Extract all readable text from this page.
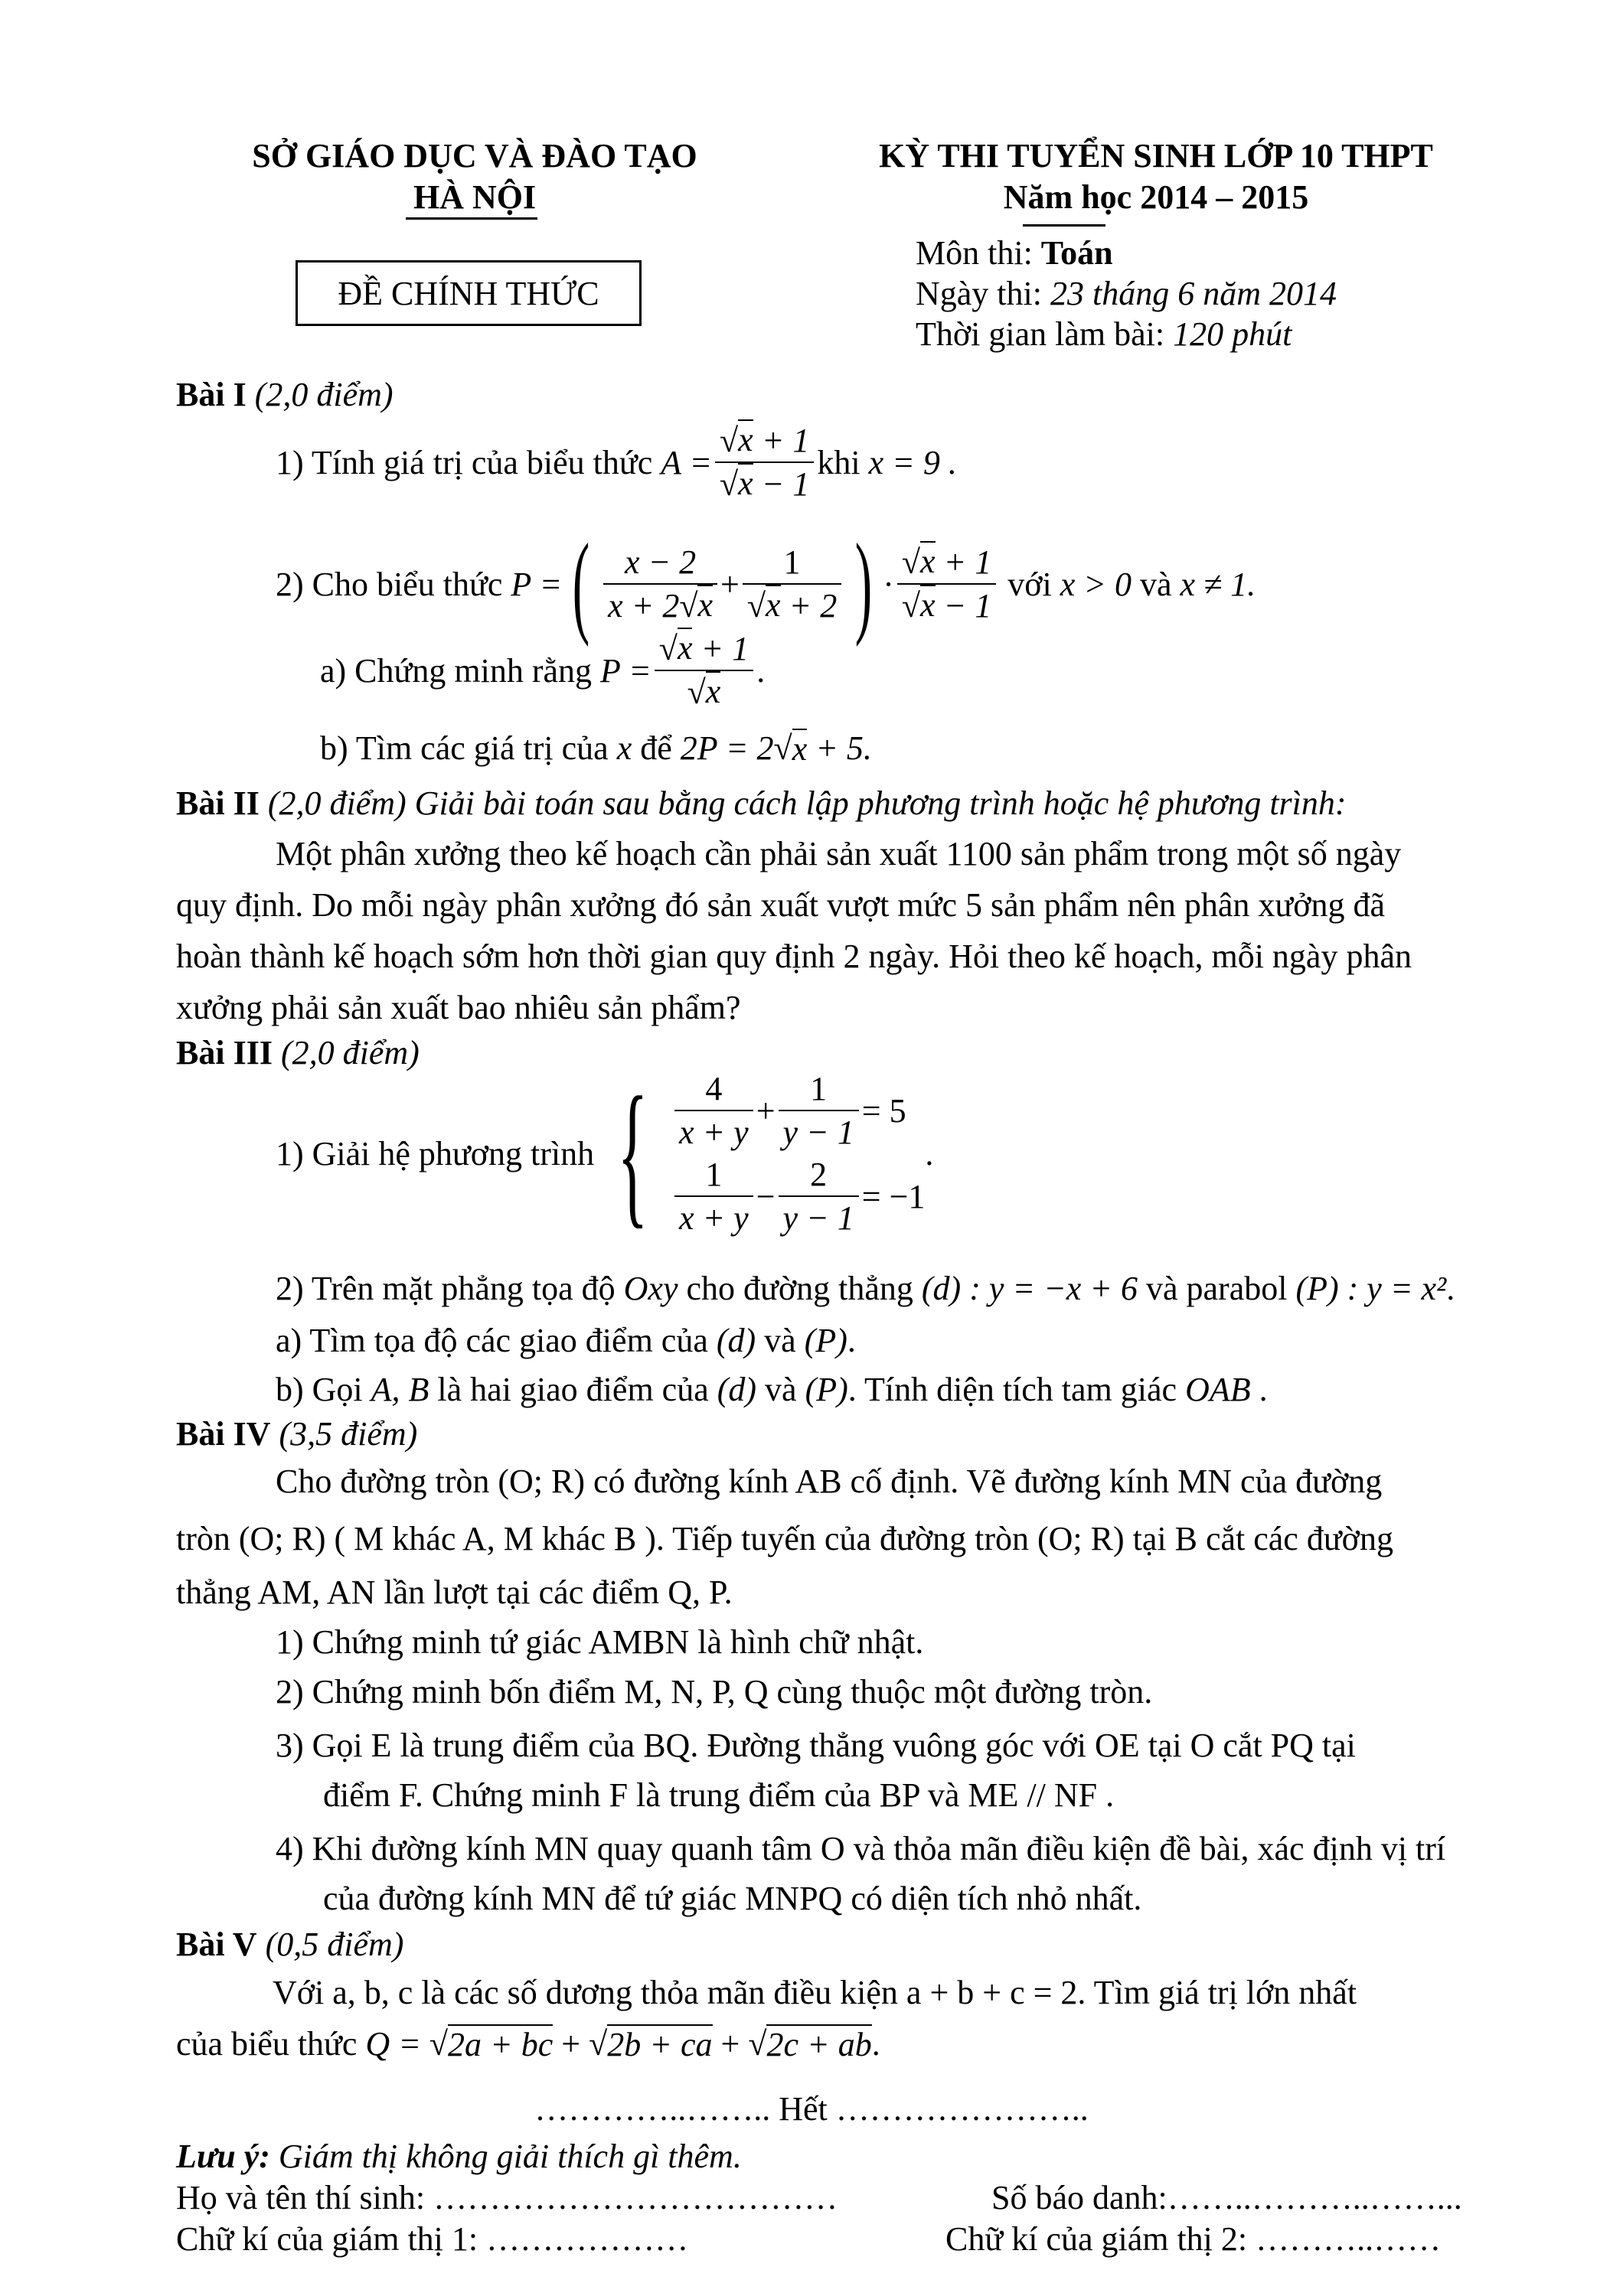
SỞ GIÁO DỤC VÀ ĐÀO TẠO
HÀ NỘI
ĐỀ CHÍNH THỨC
KỲ THI TUYỂN SINH LỚP 10 THPT
Năm học 2014 – 2015
Môn thi: Toán
Ngày thi: 23 tháng 6 năm 2014
Thời gian làm bài: 120 phút
Bài I (2,0 điểm)
1) Tính giá trị của biểu thức
$A = \frac{√ x + 1}{√ x - 1}$ khi
x = 9 .
2) Cho biểu thức
P = ( $\frac{x - 2}{x + 2 √ x} + \frac{1}{√ x + 2}$ ) · $\frac{√ x + 1}{√ x - 1}$
với
x > 0
và
x ≠ 1.
a) Chứng minh rằng
$P = \frac{√ x + 1}{√ x}$ .
b) Tìm các giá trị của x để 2P = 2 √ x + 5.
Bài II (2,0 điểm) Giải bài toán sau bằng cách lập phương trình hoặc hệ phương trình:
Một phân xưởng theo kế hoạch cần phải sản xuất 1100 sản phẩm trong một số ngày
quy định. Do mỗi ngày phân xưởng đó sản xuất vượt mức 5 sản phẩm nên phân xưởng đã
hoàn thành kế hoạch sớm hơn thời gian quy định 2 ngày. Hỏi theo kế hoạch, mỗi ngày phân
xưởng phải sản xuất bao nhiêu sản phẩm?
Bài III (2,0 điểm)
1) Giải hệ phương trình { $\frac{4}{x + y} + \frac{1}{y - 1} = 5$
$\frac{1}{x + y} - \frac{2}{y - 1} = -1$
.
2) Trên mặt phẳng tọa độ Oxy cho đường thẳng (d) : y = −x + 6 và parabol (P) : y = x².
a) Tìm tọa độ các giao điểm của (d) và (P).
b) Gọi A, B là hai giao điểm của (d) và (P). Tính diện tích tam giác OAB .
Bài IV (3,5 điểm)
Cho đường tròn (O; R) có đường kính AB cố định. Vẽ đường kính MN của đường
tròn (O; R) ( M khác A, M khác B ). Tiếp tuyến của đường tròn (O; R) tại B cắt các đường
thẳng AM, AN lần lượt tại các điểm Q, P.
1) Chứng minh tứ giác AMBN là hình chữ nhật.
2) Chứng minh bốn điểm M, N, P, Q cùng thuộc một đường tròn.
3) Gọi E là trung điểm của BQ. Đường thẳng vuông góc với OE tại O cắt PQ tại
điểm F. Chứng minh F là trung điểm của BP và ME // NF .
4) Khi đường kính MN quay quanh tâm O và thỏa mãn điều kiện đề bài, xác định vị trí
của đường kính MN để tứ giác MNPQ có diện tích nhỏ nhất.
Bài V (0,5 điểm)
Với a, b, c là các số dương thỏa mãn điều kiện a + b + c = 2. Tìm giá trị lớn nhất
của biểu thức Q = √ 2a + bc + √ 2b + ca + √ 2c + ab .
…………..…….. Hết …………………..
Lưu ý: Giám thị không giải thích gì thêm.
Họ và tên thí sinh: ………………………………	Số báo danh:……..………..……...
Chữ kí của giám thị 1: ………………	Chữ kí của giám thị 2: ………..……
